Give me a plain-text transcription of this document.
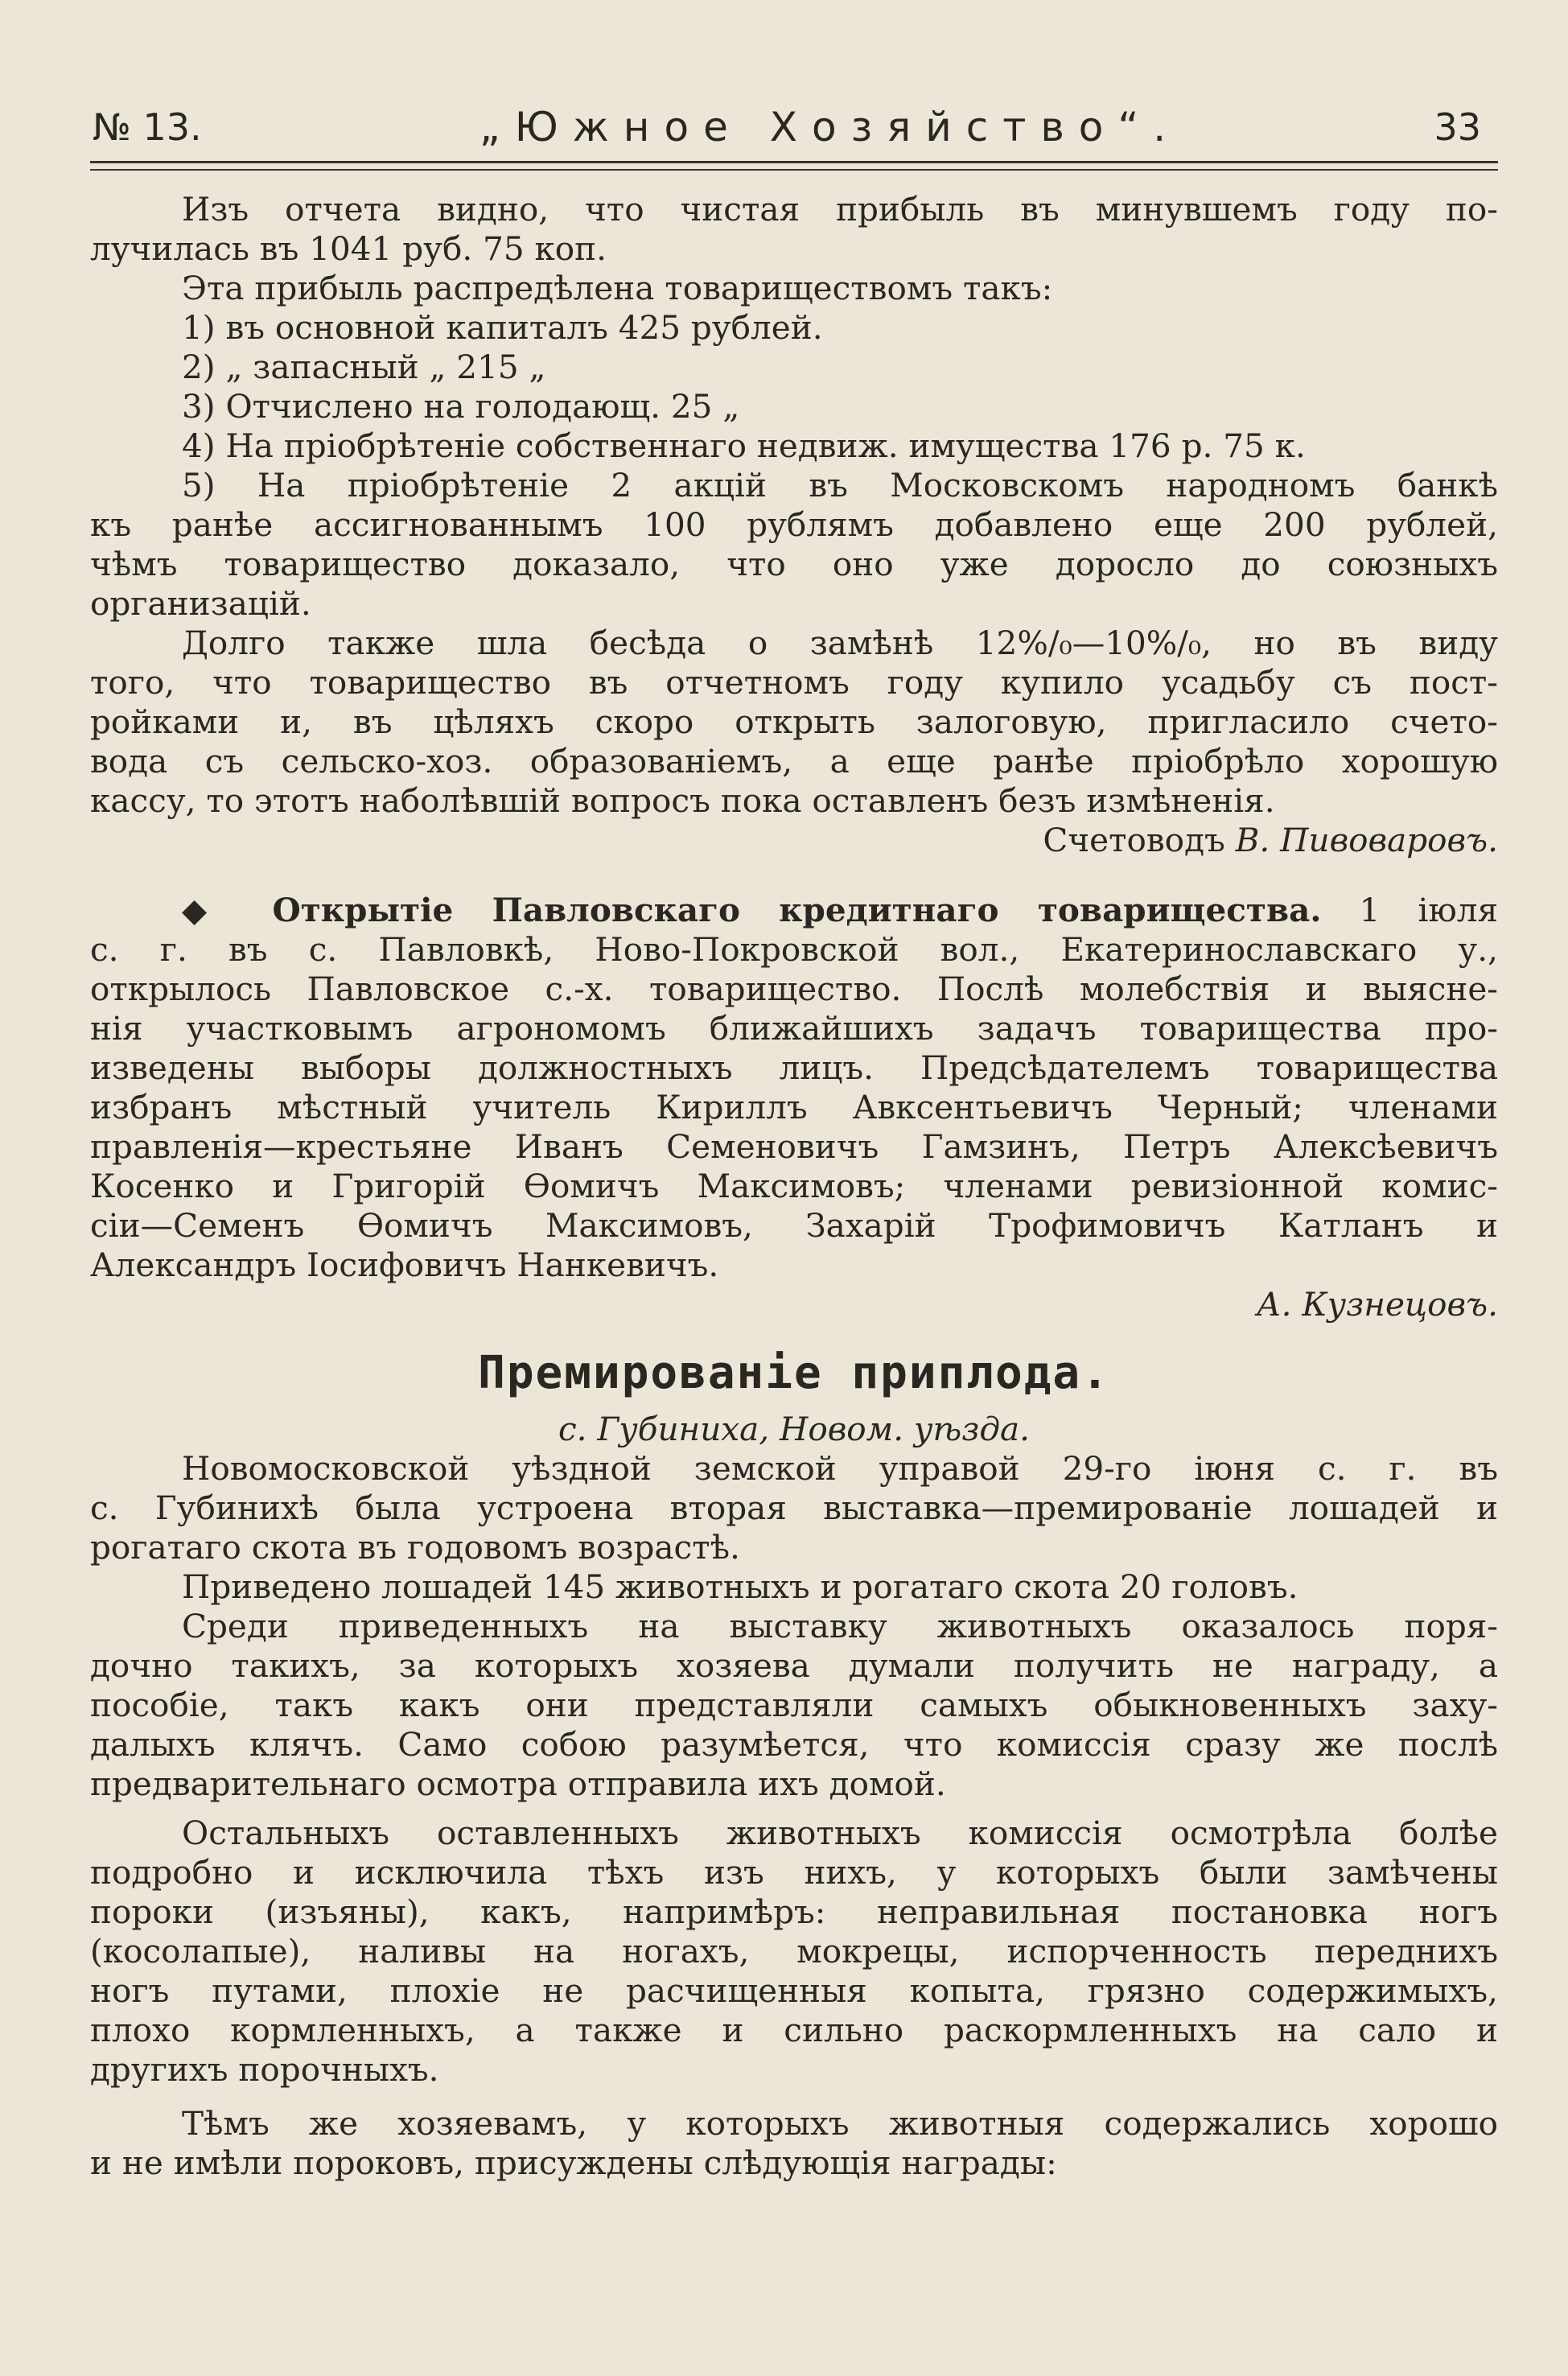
№ 13.	„Южное Хозяйство“.	33
Изъ отчета видно, что чистая прибыль въ минувшемъ году по-
лучилась въ 1041 руб. 75 коп.

Эта прибыль распредѣлена товариществомъ такъ:

1) въ основной капиталъ 425 рублей.
2) „ запасный „ 215 „
3) Отчислено на голодающ. 25 „
4) На пріобрѣтеніе собственнаго недвиж. имущества 176 р. 75 к.
5) На пріобрѣтеніе 2 акцій въ Московскомъ народномъ банкѣ
къ ранѣе ассигнованнымъ 100 рублямъ добавлено еще 200 рублей,
чѣмъ товарищество доказало, что оно уже доросло до союзныхъ
организацій.
Долго также шла бесѣда о замѣнѣ 12%/₀—10%/₀, но въ виду
того, что товарищество въ отчетномъ году купило усадьбу съ пост-
ройками и, въ цѣляхъ скоро открыть залоговую, пригласило счето-
вода съ сельско-хоз. образованіемъ, а еще ранѣе пріобрѣло хорошую
кассу, то этотъ наболѣвшій вопросъ пока оставленъ безъ измѣненія.

Счетоводъ В. Пивоваровъ.

◆ Открытіе Павловскаго кредитнаго товарищества. 1 іюля
с. г. въ с. Павловкѣ, Ново-Покровской вол., Екатеринославскаго у.,
открылось Павловское с.-х. товарищество. Послѣ молебствія и выясне-
нія участковымъ агрономомъ ближайшихъ задачъ товарищества про-
изведены выборы должностныхъ лицъ. Предсѣдателемъ товарищества
избранъ мѣстный учитель Кириллъ Авксентьевичъ Черный; членами
правленія—крестьяне Иванъ Семеновичъ Гамзинъ, Петръ Алексѣевичъ
Косенко и Григорій Ѳомичъ Максимовъ; членами ревизіонной комис-
сіи—Семенъ Ѳомичъ Максимовъ, Захарій Трофимовичъ Катланъ и
Александръ Іосифовичъ Нанкевичъ.

А. Кузнецовъ.

Премированіе приплода.

с. Губиниха, Новом. уѣзда.

Новомосковской уѣздной земской управой 29-го іюня с. г. въ
с. Губинихѣ была устроена вторая выставка—премированіе лошадей и
рогатаго скота въ годовомъ возрастѣ.

Приведено лошадей 145 животныхъ и рогатаго скота 20 головъ.

Среди приведенныхъ на выставку животныхъ оказалось поря-
дочно такихъ, за которыхъ хозяева думали получить не награду, а
пособіе, такъ какъ они представляли самыхъ обыкновенныхъ заху-
далыхъ клячъ. Само собою разумѣется, что комиссія сразу же послѣ
предварительнаго осмотра отправила ихъ домой.
Остальныхъ оставленныхъ животныхъ комиссія осмотрѣла болѣе
подробно и исключила тѣхъ изъ нихъ, у которыхъ были замѣчены
пороки (изъяны), какъ, напримѣръ: неправильная постановка ногъ
(косолапые), наливы на ногахъ, мокрецы, испорченность переднихъ
ногъ путами, плохіе не расчищенныя копыта, грязно содержимыхъ,
плохо кормленныхъ, а также и сильно раскормленныхъ на сало и
другихъ порочныхъ.
Тѣмъ же хозяевамъ, у которыхъ животныя содержались хорошо
и не имѣли пороковъ, присуждены слѣдующія награды:
